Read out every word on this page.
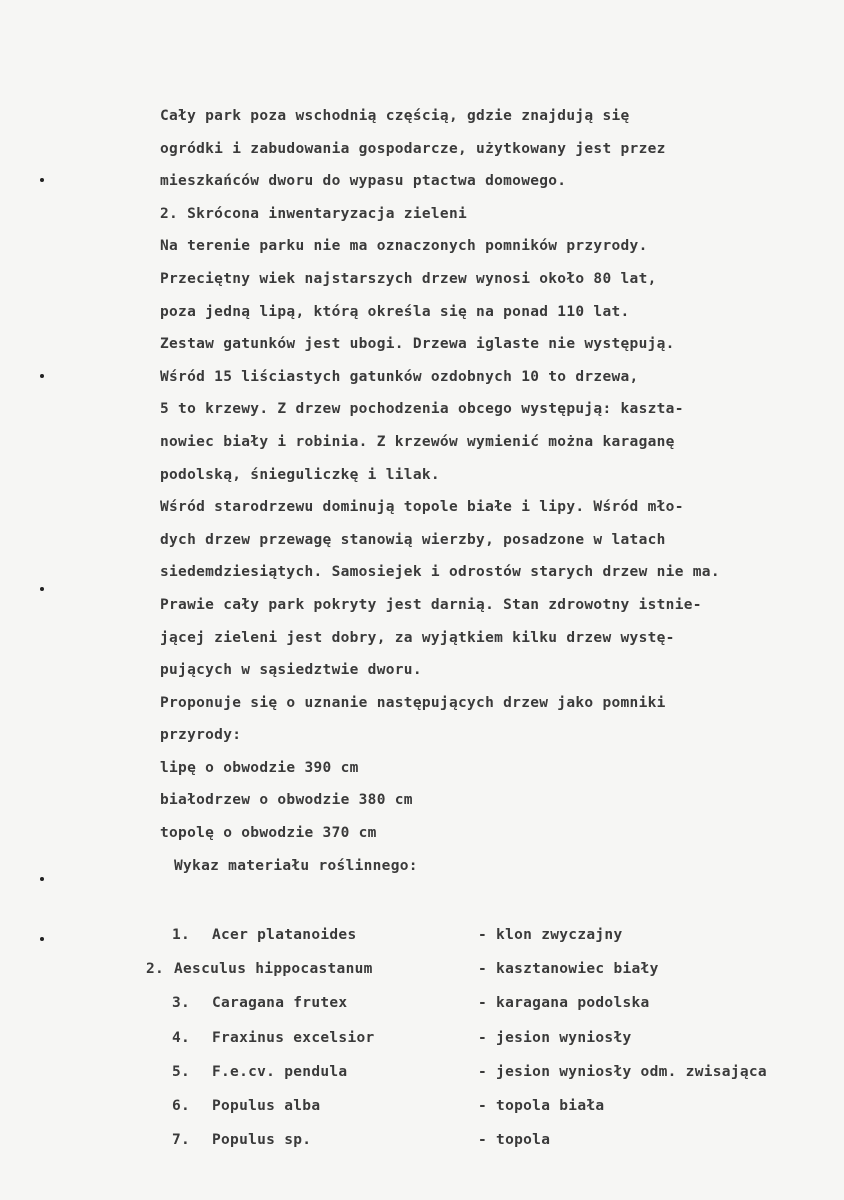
Cały park poza wschodnią częścią, gdzie znajdują się
ogródki i zabudowania gospodarcze, użytkowany jest przez
mieszkańców dworu do wypasu ptactwa domowego.
2. Skrócona inwentaryzacja zieleni
Na terenie parku nie ma oznaczonych pomników przyrody.
Przeciętny wiek najstarszych drzew wynosi około 80 lat,
poza jedną lipą, którą określa się na ponad 110 lat.
Zestaw gatunków jest ubogi. Drzewa iglaste nie występują.
Wśród 15 liściastych gatunków ozdobnych 10 to drzewa,
5 to krzewy. Z drzew pochodzenia obcego występują: kaszta-
nowiec biały i robinia. Z krzewów wymienić można karaganę
podolską, śnieguliczkę i lilak.
Wśród starodrzewu dominują topole białe i lipy. Wśród mło-
dych drzew przewagę stanowią wierzby, posadzone w latach
siedemdziesiątych. Samosiejek i odrostów starych drzew nie ma.
Prawie cały park pokryty jest darnią. Stan zdrowotny istnie-
jącej zieleni jest dobry, za wyjątkiem kilku drzew wystę-
pujących w sąsiedztwie dworu.
Proponuje się o uznanie następujących drzew jako pomniki
przyrody:
lipę o obwodzie 390 cm
białodrzew o obwodzie 380 cm
topolę o obwodzie 370 cm
Wykaz materiału roślinnego:
1. Acer platanoides	- klon zwyczajny
2. Aesculus hippocastanum	- kasztanowiec biały
3. Caragana frutex	- karagana podolska
4. Fraxinus excelsior	- jesion wyniosły
5. F.e.cv. pendula	- jesion wyniosły odm. zwisająca
6. Populus alba	- topola biała
7. Populus sp.	- topola
